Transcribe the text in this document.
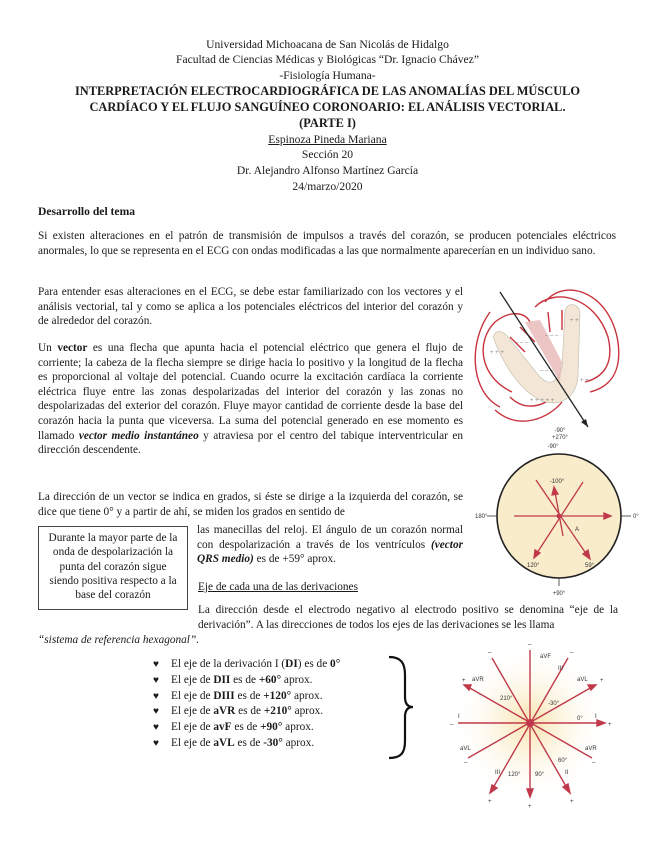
Universidad Michoacana de San Nicolás de Hidalgo
Facultad de Ciencias Médicas y Biológicas “Dr. Ignacio Chávez”
-Fisiología Humana-
INTERPRETACIÓN ELECTROCARDIOGRÁFICA DE LAS ANOMALÍAS DEL MÚSCULO
CARDÍACO Y EL FLUJO SANGUÍNEO CORONOARIO: EL ANÁLISIS VECTORIAL.
(PARTE I)
Espinoza Pineda Mariana
Sección 20
Dr. Alejandro Alfonso Martínez García
24/marzo/2020
Desarrollo del tema
Si existen alteraciones en el patrón de transmisión de impulsos a través del corazón, se producen potenciales eléctricos anormales, lo que se representa en el ECG con ondas modificadas a las que normalmente aparecerían en un individuo sano.
Para entender esas alteraciones en el ECG, se debe estar familiarizado con los vectores y el análisis vectorial, tal y como se aplica a los potenciales eléctricos del interior del corazón y de alrededor del corazón.
Un vector es una flecha que apunta hacia el potencial eléctrico que genera el flujo de corriente; la cabeza de la flecha siempre se dirige hacia lo positivo y la longitud de la flecha es proporcional al voltaje del potencial. Cuando ocurre la excitación cardíaca la corriente eléctrica fluye entre las zonas despolarizadas del interior del corazón y las zonas no despolarizadas del exterior del corazón. Fluye mayor cantidad de corriente desde la base del corazón hacia la punta que viceversa. La suma del potencial generado en ese momento es llamado vector medio instantáneo y atraviesa por el centro del tabique interventricular en dirección descendente.
La dirección de un vector se indica en grados, si éste se dirige a la izquierda del corazón, se dice que tiene 0° y a partir de ahí, se miden los grados en sentido de
Durante la mayor parte de la onda de despolarización la punta del corazón sigue siendo positiva respecto a la base del corazón
las manecillas del reloj. El ángulo de un corazón normal con despolarización a través de los ventrículos (vector QRS medio) es de +59° aprox.
Eje de cada una de las derivaciones
La dirección desde el electrodo negativo al electrodo positivo se denomina “eje de la derivación”. A las direcciones de todos los ejes de las derivaciones se les llama
“sistema de referencia hexagonal”.
♥ El eje de la derivación I (DI) es de 0°
♥ El eje de DII es de +60° aprox.
♥ El eje de DIII es de +120° aprox.
♥ El eje de aVR es de +210° aprox.
♥ El eje de avF es de +90° aprox.
♥ El eje de aVL es de -30° aprox.
+ + +
+ +
+ + + + +
+ +
– – –
– – –
– – –
-90°
180°	0°
+90°
-100°
120°	59°
A
-90°
+270°
aVF
III
aVR	aVL
210°
-30°
I	I
0°
aVL	aVR
60°
II
III 120° 90°
–
–	–
–	+
+	+
–	–
+	+
+
